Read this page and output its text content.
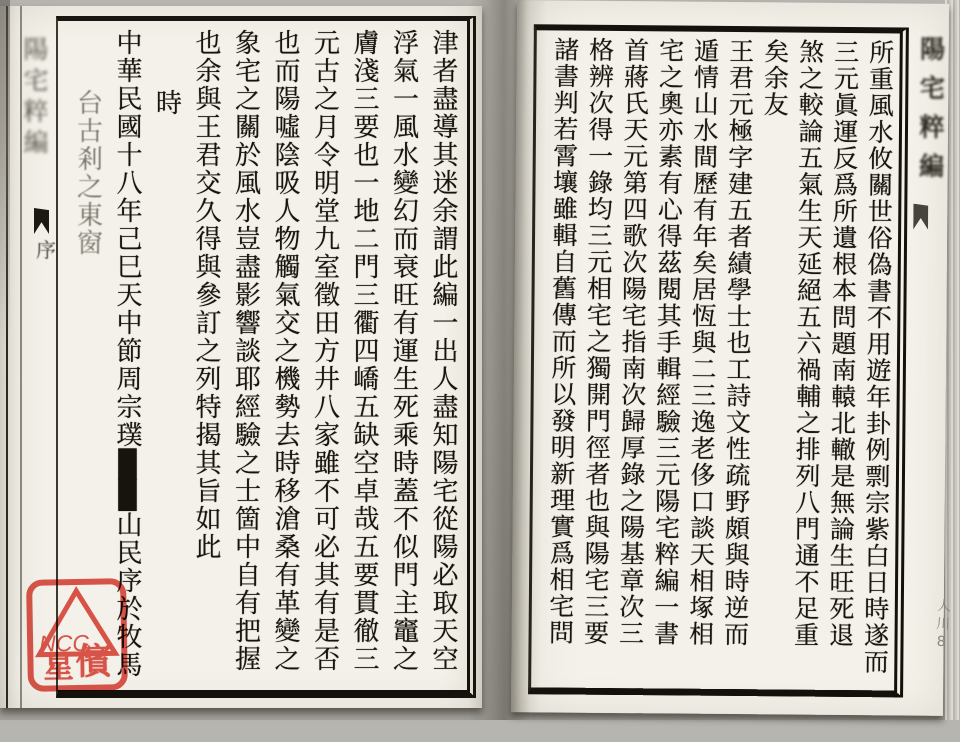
陽宅粹編
序	津者盡導其迷余謂此編一出人盡知陽宅從陽必取天空
浮氣一風水變幻而衰旺有運生死乘時蓋不似門主竈之
膚淺三要也一地二門三衢四嶠五缺空卓哉五要貫徹三
元古之月令明堂九室徵田方井八家雖不可必其有是否
也而陽噓陰吸人物觸氣交之機勢去時移滄桑有革變之
象宅之關於風水豈盡影響談耶經驗之士箇中自有把握
也余與王君交久得與參訂之列特揭其旨如此
時
中華民國十八年己巳天中節周宗璞██山民序於牧馬
台古剎之東窗	所重風水攸關世俗偽書不用遊年卦例剽宗紫白日時遂而
三元眞運反爲所遺根本問題南轅北轍是無論生旺死退
煞之較論五氣生天延絕五六禍輔之排列八門通不足重
矣余友
王君元極字建五者績學士也工詩文性疏野頗與時逆而
遁情山水間歷有年矣居恆與二三逸老侈口談天相塚相
宅之奧亦素有心得茲閱其手輯經驗三元陽宅粹編一書
首蔣氏天元第四歌次陽宅指南次歸厚錄之陽基章次三
格辨次得一錄均三元相宅之獨開門徑者也與陽宅三要
諸書判若霄壤雖輯自舊傳而所以發明新理實爲相宅問	陽宅粹編
人川8
NCC
星 儐
